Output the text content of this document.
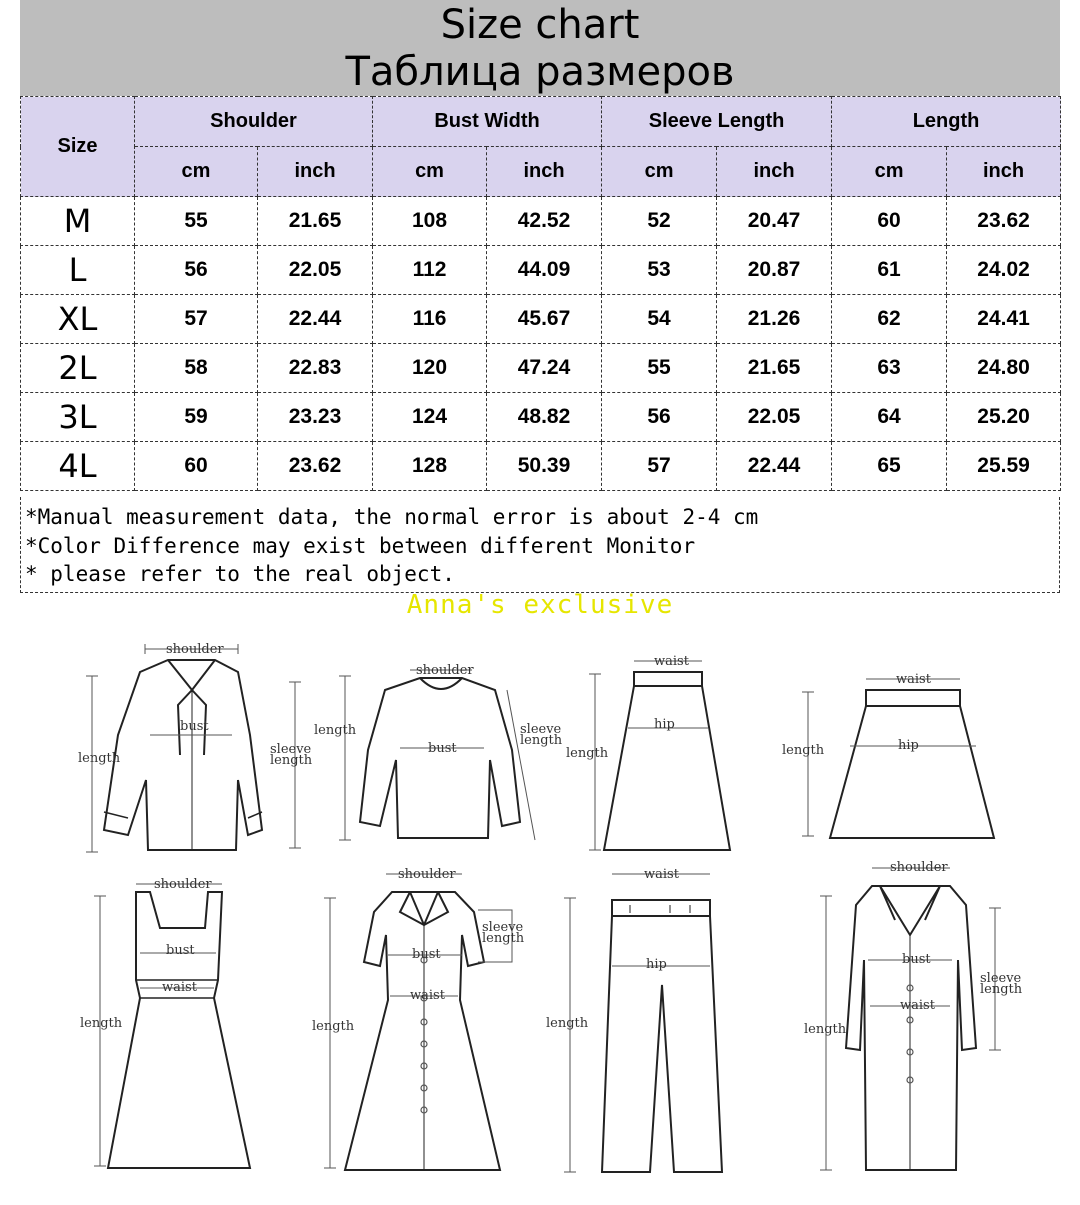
Size chart
Таблица размеров
Size	Shoulder		Bust Width		Sleeve Length		Length	
	cm	inch	cm	inch	cm	inch	cm	inch
M	55	21.65	108	42.52	52	20.47	60	23.62
L	56	22.05	112	44.09	53	20.87	61	24.02
XL	57	22.44	116	45.67	54	21.26	62	24.41
2L	58	22.83	120	47.24	55	21.65	63	24.80
3L	59	23.23	124	48.82	56	22.05	64	25.20
4L	60	23.62	128	50.39	57	22.44	65	25.59
*Manual measurement data, the normal error is about 2-4 cm
*Color Difference may exist between different Monitor
* please refer to the real object.
Anna's exclusive
shoulder
bust
length
sleeve
length
shoulder
bust
length	sleeve
length
waist
hip
length
waist
hip
length
shoulder
bust
waist
length
shoulder
bust
waist
length
sleeve
length
waist
hip
length
shoulder
bust
waist
length
sleeve
length
